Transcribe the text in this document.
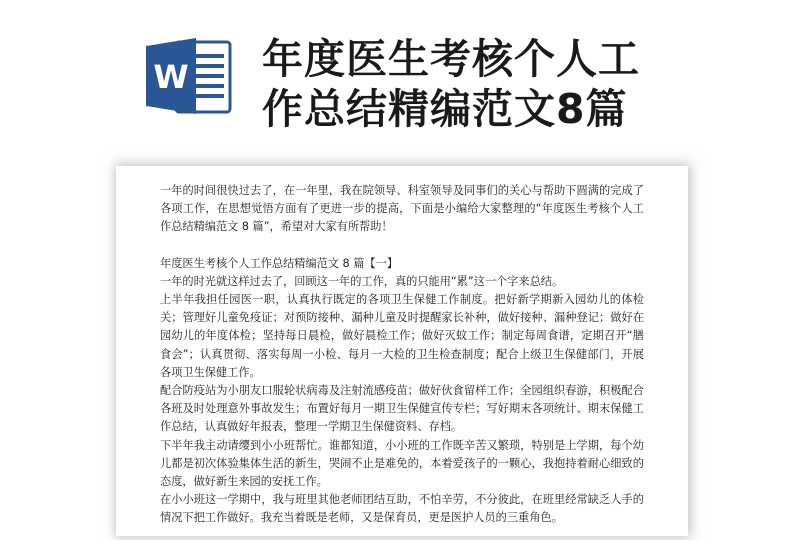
W 年度医生考核个人工
作总结精编范文8篇

一年的时间很快过去了，在一年里，我在院领导、科室领导及同事们的关心与帮助下圆满的完成了各项工作，在思想觉悟方面有了更进一步的提高，下面是小编给大家整理的“年度医生考核个人工作总结精编范文 8 篇”，希望对大家有所帮助！

年度医生考核个人工作总结精编范文 8 篇【一】

一年的时光就这样过去了，回顾这一年的工作，真的只能用“累”这一个字来总结。

上半年我担任园医一职，认真执行既定的各项卫生保健工作制度。把好新学期新入园幼儿的体检关；管理好儿童免疫证；对预防接种、漏种儿童及时提醒家长补种，做好接种、漏种登记；做好在园幼儿的年度体检；坚持每日晨检，做好晨检工作；做好灭蚊工作；制定每周食谱，定期召开“膳食会”；认真贯彻、落实每周一小检、每月一大检的卫生检查制度；配合上级卫生保健部门，开展各项卫生保健工作。

配合防疫站为小朋友口服轮状病毒及注射流感疫苗；做好伙食留样工作；全园组织春游，积极配合各班及时处理意外事故发生；布置好每月一期卫生保健宣传专栏；写好期末各项统计、期末保健工作总结，认真做好年报表，整理一学期卫生保健资料、存档。

下半年我主动请缨到小小班帮忙。谁都知道，小小班的工作既辛苦又繁琐，特别是上学期，每个幼儿都是初次体验集体生活的新生，哭闹不止是难免的，本着爱孩子的一颗心，我抱持着耐心细致的态度，做好新生来园的安抚工作。

在小小班这一学期中，我与班里其他老师团结互助，不怕辛劳，不分彼此，在班里经常缺乏人手的情况下把工作做好。我充当着既是老师，又是保育员，更是医护人员的三重角色。
